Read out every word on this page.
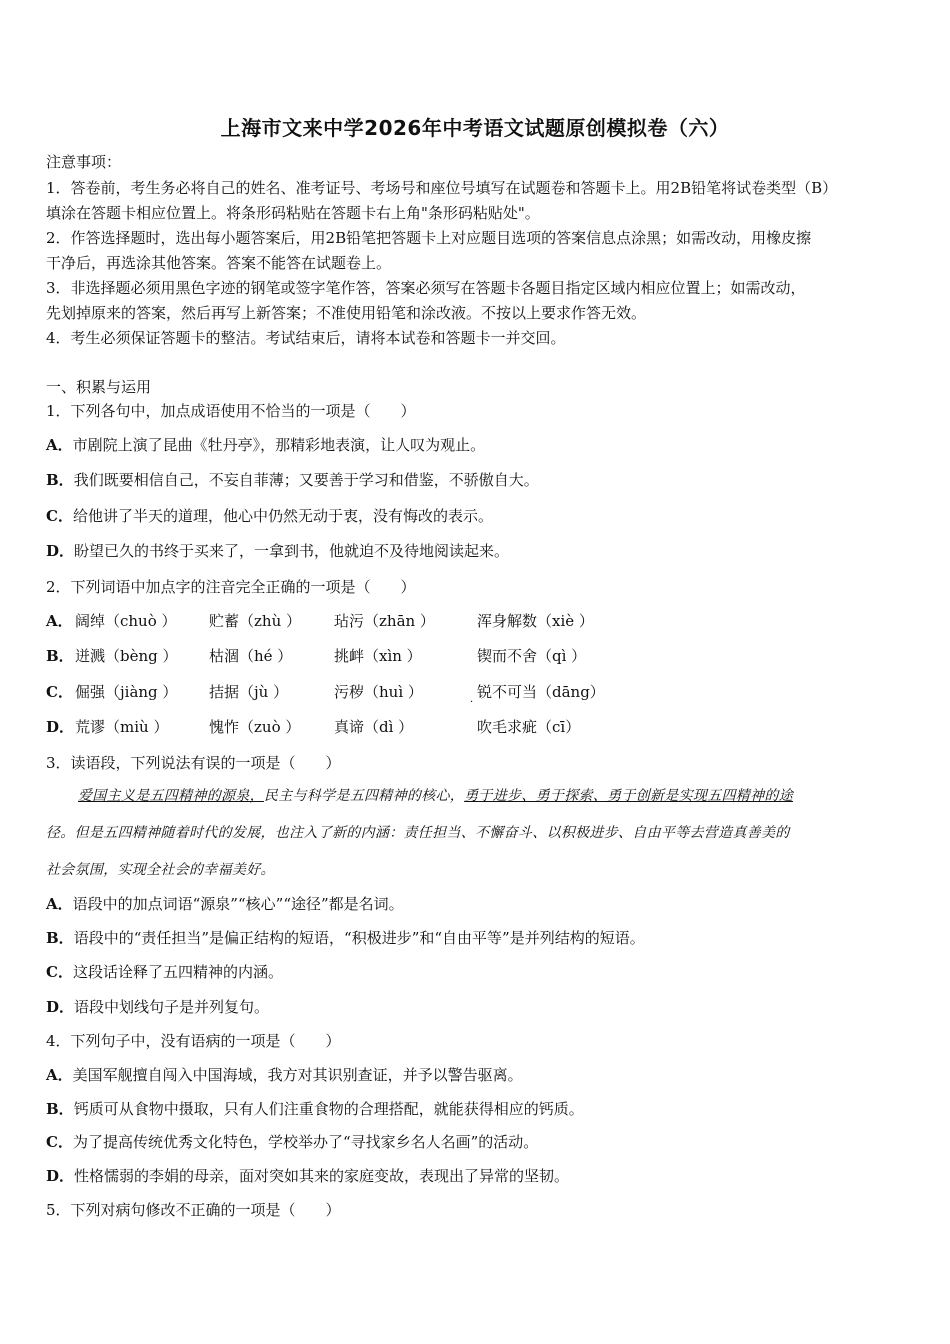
上海市文来中学2026年中考语文试题原创模拟卷（六）
注意事项：
1．答卷前，考生务必将自己的姓名、准考证号、考场号和座位号填写在试题卷和答题卡上。用2B铅笔将试卷类型（B）
填涂在答题卡相应位置上。将条形码粘贴在答题卡右上角"条形码粘贴处"。
2．作答选择题时，选出每小题答案后，用2B铅笔把答题卡上对应题目选项的答案信息点涂黑；如需改动，用橡皮擦
干净后，再选涂其他答案。答案不能答在试题卷上。
3．非选择题必须用黑色字迹的钢笔或签字笔作答，答案必须写在答题卡各题目指定区域内相应位置上；如需改动，
先划掉原来的答案，然后再写上新答案；不准使用铅笔和涂改液。不按以上要求作答无效。
4．考生必须保证答题卡的整洁。考试结束后，请将本试卷和答题卡一并交回。
一、积累与运用
1．下列各句中，加点成语使用不恰当的一项是（　　）
A．市剧院上演了昆曲《牡丹亭》，那精彩地表演，让人叹为观止。
B．我们既要相信自己，不妄自菲薄；又要善于学习和借鉴，不骄傲自大。
C．给他讲了半天的道理，他心中仍然无动于衷，没有悔改的表示。
D．盼望已久的书终于买来了，一拿到书，他就迫不及待地阅读起来。
2．下列词语中加点字的注音完全正确的一项是（　　）
A． 阔绰（chuò ） 贮蓄（zhù ） 玷污（zhān ）	浑身解数（xiè ）
B． 迸溅（bèng ） 枯涸（hé ）	挑衅（xìn ）	锲而不舍（qì ）
C． 倔强（jiàng ） 拮据（jù ）	污秽（huì ）	锐不可当（dāng）
·
D． 荒谬（miù ）	愧怍（zuò ） 真谛（dì ）	吹毛求疵（cī）
3．读语段，下列说法有误的一项是（　　）
爱国主义是五四精神的源泉，民主与科学是五四精神的核心，勇于进步、勇于探索、勇于创新是实现五四精神的途
径。但是五四精神随着时代的发展，也注入了新的内涵：责任担当、不懈奋斗、以积极进步、自由平等去营造真善美的
社会氛围，实现全社会的幸福美好。
A．语段中的加点词语“源泉”“核心”“途径”都是名词。
B．语段中的“责任担当”是偏正结构的短语，“积极进步”和“自由平等”是并列结构的短语。
C．这段话诠释了五四精神的内涵。
D．语段中划线句子是并列复句。
4．下列句子中，没有语病的一项是（　　）
A．美国军舰擅自闯入中国海域，我方对其识别查证，并予以警告驱离。
B．钙质可从食物中摄取，只有人们注重食物的合理搭配，就能获得相应的钙质。
C．为了提高传统优秀文化特色，学校举办了“寻找家乡名人名画”的活动。
D．性格懦弱的李娟的母亲，面对突如其来的家庭变故，表现出了异常的坚韧。
5．下列对病句修改不正确的一项是（　　）
